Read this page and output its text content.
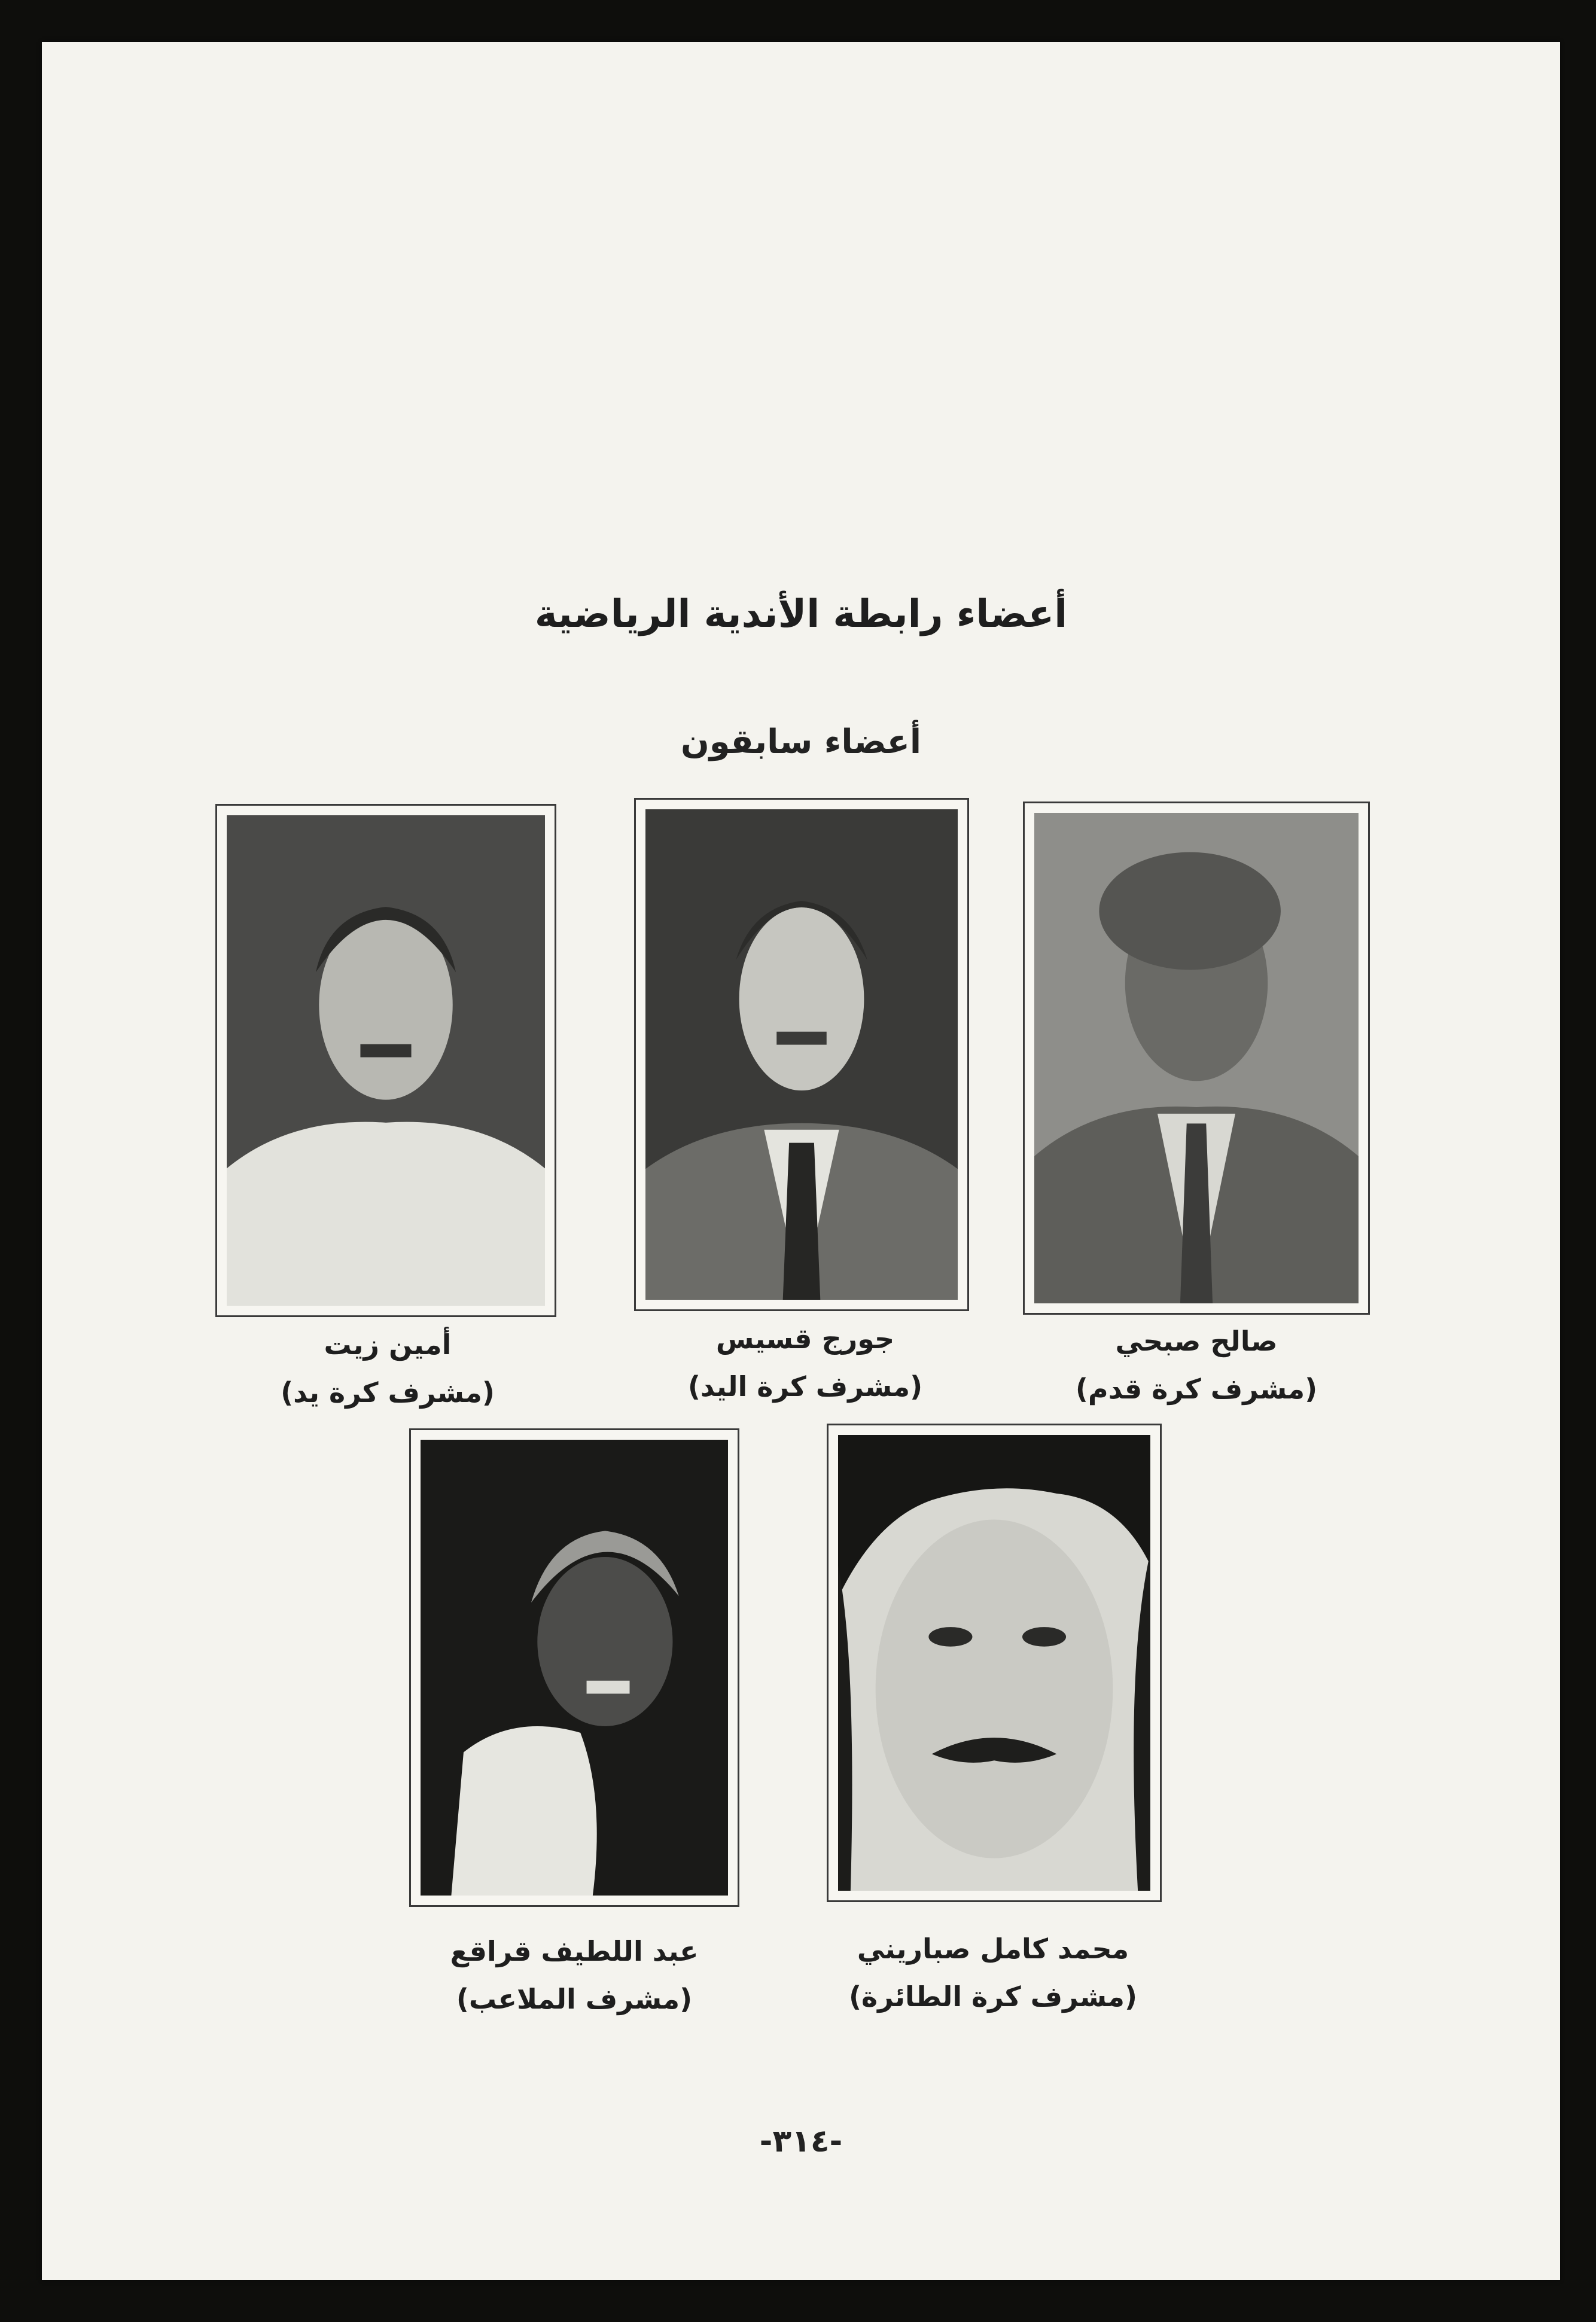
أعضاء رابطة الأندية الرياضية
أعضاء سابقون
صالح صبحي
(مشرف كرة قدم)
جورج قسيس
(مشرف كرة اليد)
أمين زيت
(مشرف كرة يد)
محمد كامل صباريني
(مشرف كرة الطائرة)
عبد اللطيف قراقع
(مشرف الملاعب)
-٣١٤-
